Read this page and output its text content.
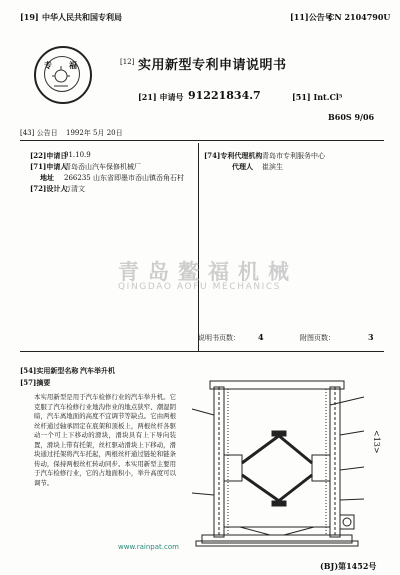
[19] 中华人民共和国专利局	[11]公告号
CN 2104790U
专 福	[12] 实用新型专利申请说明书
[21] 申请号 91221834.7	[51] Int.Cl⁵
B60S 9/06
[43] 公告日 1992年 5月 20日
[22]申请日
91.10.9
[71]申请人
青岛岙山汽车保修机械厂
地址 266235 山东省即墨市岙山镇岙角石村
[72]设计人
万清文
[74]专利代理机构 青岛市专利服务中心
代理人 崔滨生
青岛鳌福机械
QINGDAO AOFU MECHANICS
说明书页数： 4	附图页数：	3
[54]实用新型名称 汽车举升机
[57]摘要
本实用新型是用于汽车检修行业的汽车举升机。它克服了汽车检修行业地沟作业的地点狭窄、潮湿阴暗，汽车离地面的高度不宜调节等缺点。它由两根丝杆通过轴承固定在底架和顶板上，两根丝杆各驱动一个可上下移动的滑块，滑块具有上下导向装置，滑块上带有托架，丝杠驱动滑块上下移动，滑块通过托架将汽车托起，两根丝杆通过链轮和链条传动，保持两根丝杠转动同步。本实用新型主要用于汽车检修行业，它的占地面积小，举升高度可以调节。
<13>
www.rainpat.com
(BJ)第1452号
